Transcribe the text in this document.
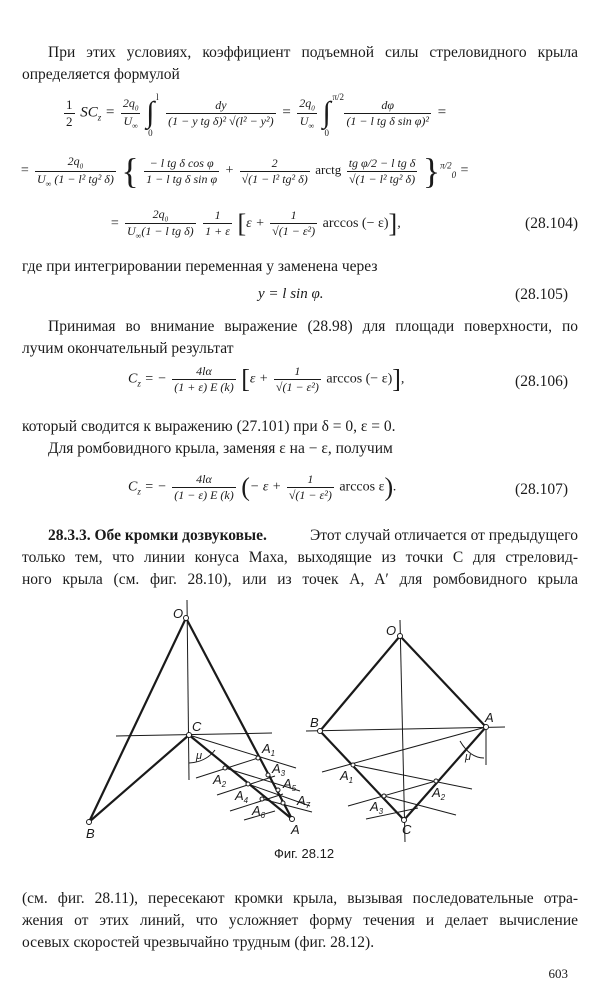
При этих условиях, коэффициент подъемной силы стреловидного крыла
определяется формулой
$\frac{1}{2} SC_z = \frac{2q_0}{U_\infty}$ ∫ l
0

$\frac{dy}{\text{(1 − y tg δ)² √(l² − y²)}} = \frac{2q_0}{U_\infty}$ ∫ π/2
0

$\frac{d\varphi}{\text{(1 − l tg δ sin φ)²}}$ =
= $\frac{2q_0}{U_\infty (1 - l^2 tg^2 \delta)}$ { $\frac{\text{− l tg δ cos φ}}{\text{1 − l tg δ sin φ}} + \frac{2}{\text{√(1 − l² tg² δ)}}$ arctg $\frac{\text{tg φ/2 − l tg δ}}{\text{√(1 − l² tg² δ)}} \}^{\pi/2}_0$ =
= $\frac{2q_0}{U_\infty(1 - l tg \delta)}$
$\frac{1}{1 + \varepsilon} [\varepsilon + \frac{1}{\text{√(1 − ε²)}}$ arccos (− ε)],	(28.104)
где при интегрировании переменная y заменена через
y = l sin φ.	(28.105)
Принимая во внимание выражение (28.98) для площади поверхности, по
лучим окончательный результат
$C_z$ = − $\frac{4l\alpha}{(1 + \varepsilon) E (k)} [\varepsilon + \frac{1}{\text{√(1 − ε²)}}$ arccos (− ε)],	(28.106)
который сводится к выражению (27.101) при δ = 0, ε = 0.
Для ромбовидного крыла, заменяя ε на − ε, получим
$C_z$ = − $\frac{4l\alpha}{(1 - \varepsilon) E (k)}$ (− $\varepsilon + \frac{1}{\text{√(1 − ε²)}}$ arccos ε).	(28.107)
28.3.3. Обе кромки дозвуковые.	Этот случай отличается от предыдущего
только тем, что линии конуса Маха, выходящие из точки C для стреловид-
ного крыла (см. фиг. 28.10), или из точек A, A′ для ромбовидного крыла
O
C
B	A
$A_1$
$A_2$
$A_3$
$A_4$
$A_5$
$A_6$
$A_7$
μ
O
B	A
C
$A_1$
$A_2$
$A_3$
μ
Фиг. 28.12
(см. фиг. 28.11), пересекают кромки крыла, вызывая последовательные отра-
жения от этих линий, что усложняет форму течения и делает вычисление
осевых скоростей чрезвычайно трудным (фиг. 28.12).
603
